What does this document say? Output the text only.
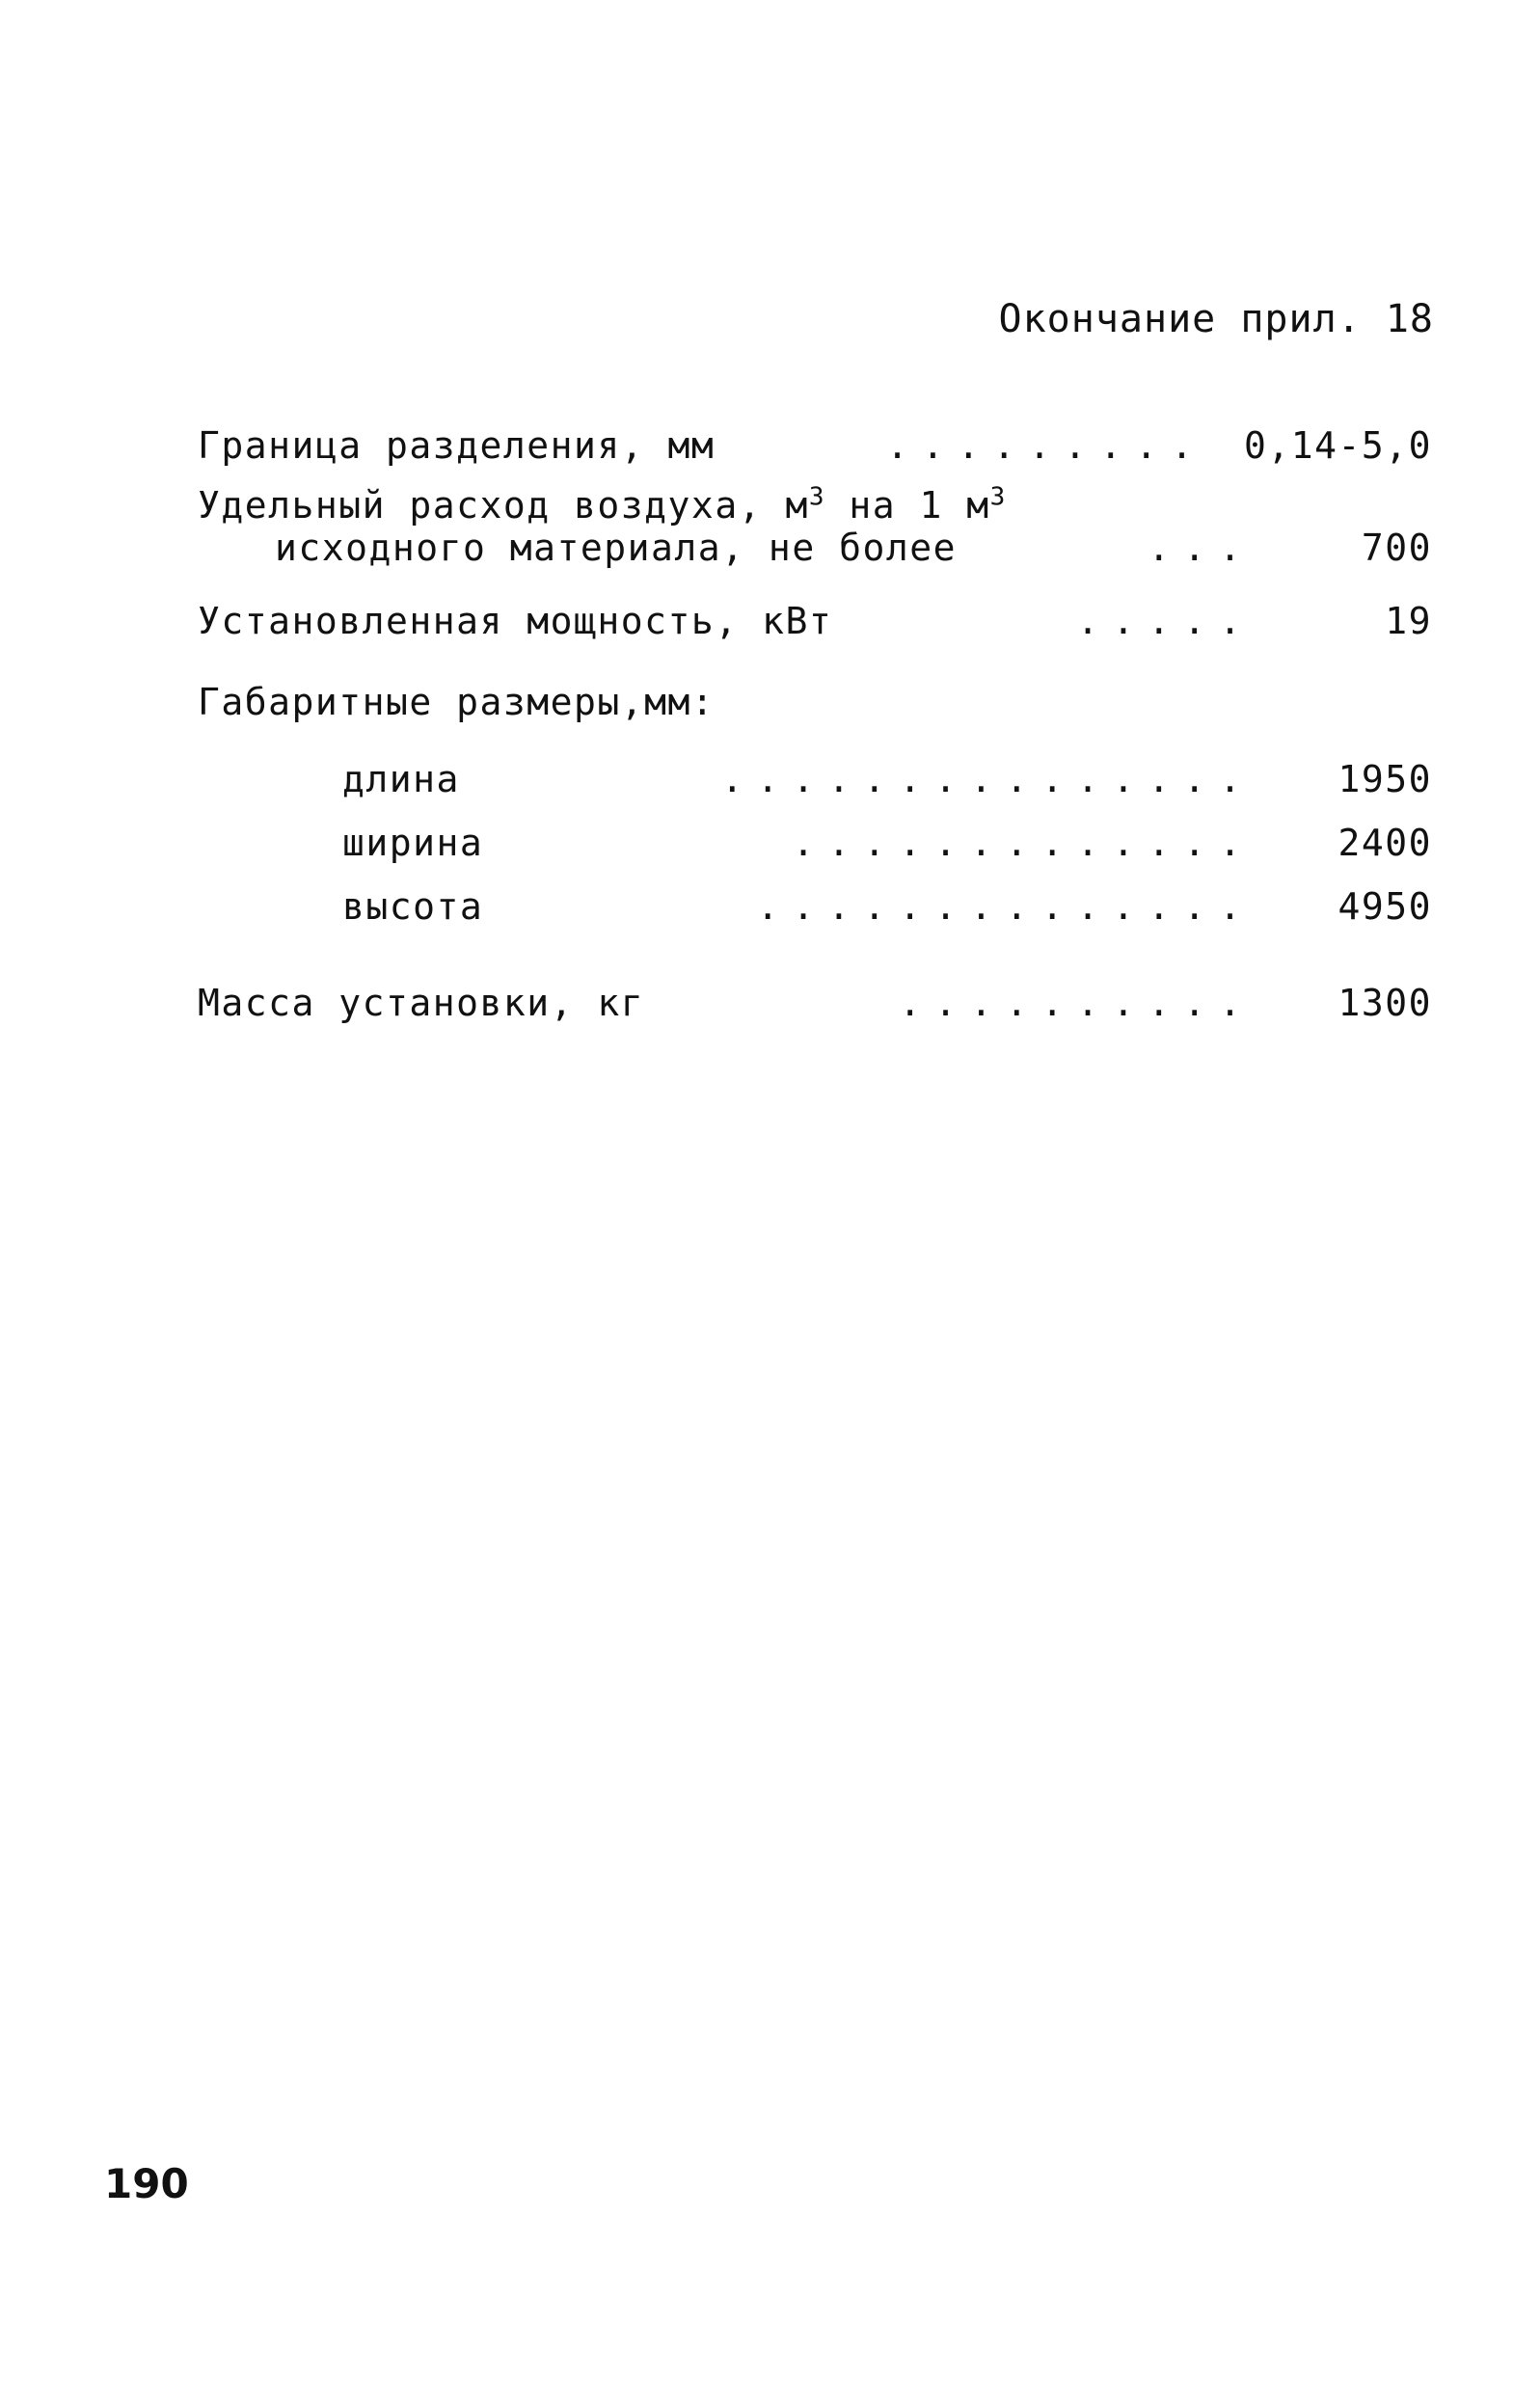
Окончание прил. 18
Граница разделения, мм	.........	0,14-5,0
Удельный расход воздуха, $м^3$ на 1 $м^3$
исходного материала, не более	...	700
Установленная мощность, кВт	.....	19
Габаритные размеры,мм:
длина	...............	1950
ширина	.............	2400
высота	..............	4950
Масса установки, кг	..........	1300
190
